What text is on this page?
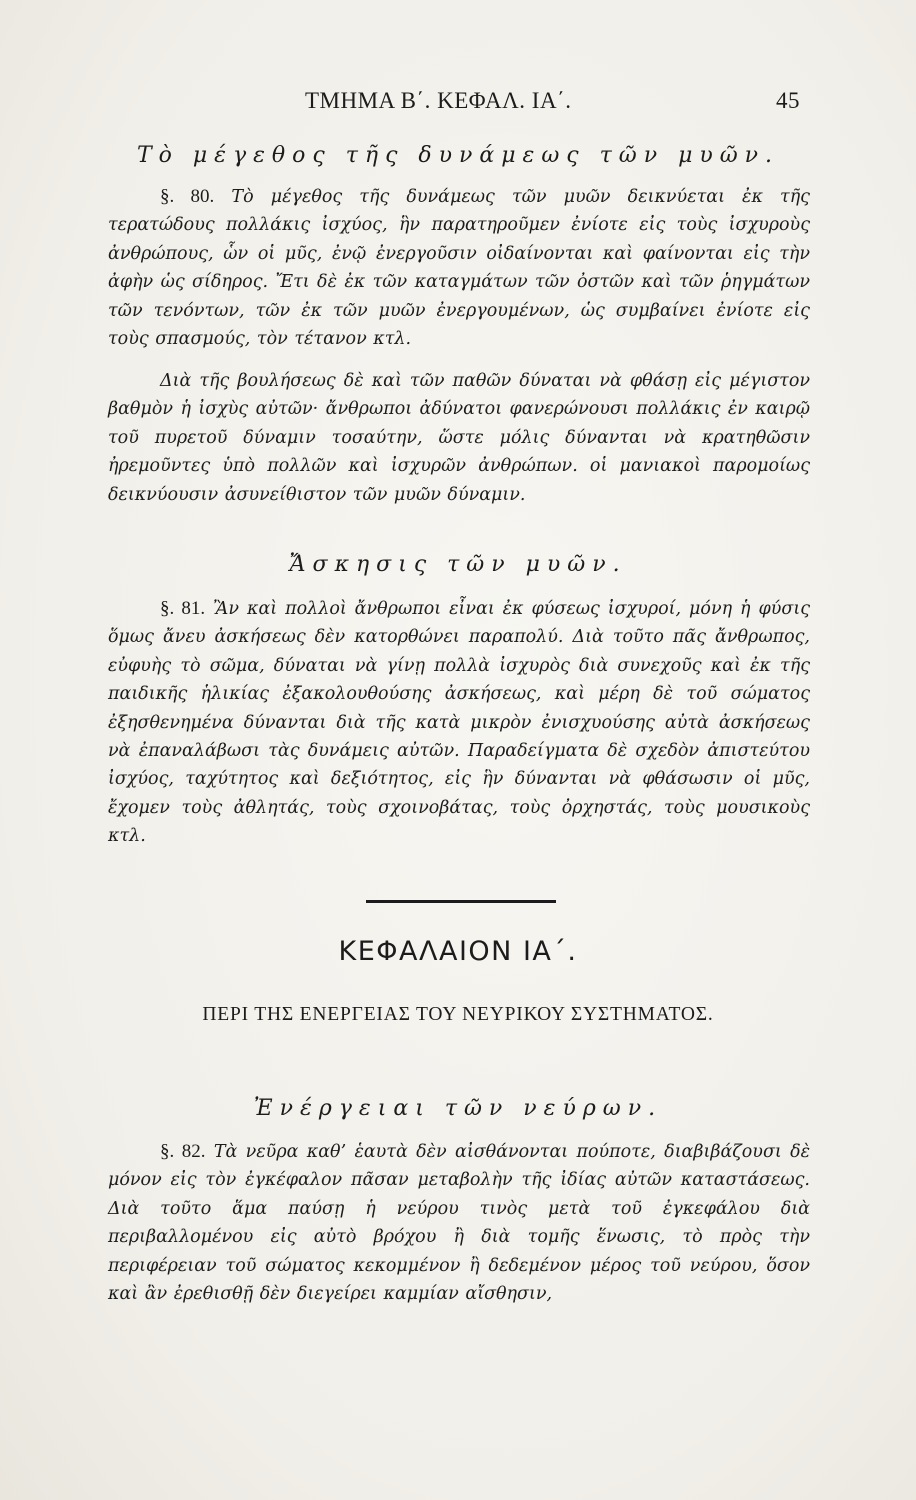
ΤΜΗΜΑ Β΄. ΚΕΦΑΛ. ΙΑ΄.	45
Τὸ μέγεθος τῆς δυνάμεως τῶν μυῶν.

§. 80. Τὸ μέγεθος τῆς δυνάμεως τῶν μυῶν δεικνύεται ἐκ τῆς τερατώδους πολλάκις ἰσχύος, ἣν παρατηροῦμεν ἐνίοτε εἰς τοὺς ἰσχυροὺς ἀνθρώπους, ὧν οἱ μῦς, ἐνῷ ἐνεργοῦσιν οἰδαίνονται καὶ φαίνονται εἰς τὴν ἀφὴν ὡς σίδηρος. Ἔτι δὲ ἐκ τῶν καταγμάτων τῶν ὀστῶν καὶ τῶν ῥηγμάτων τῶν τενόντων, τῶν ἐκ τῶν μυῶν ἐνεργουμένων, ὡς συμβαίνει ἐνίοτε εἰς τοὺς σπασμούς, τὸν τέτανον κτλ.

Διὰ τῆς βουλήσεως δὲ καὶ τῶν παθῶν δύναται νὰ φθάσῃ εἰς μέγιστον βαθμὸν ἡ ἰσχὺς αὐτῶν· ἄνθρωποι ἀδύνατοι φανερώνουσι πολλάκις ἐν καιρῷ τοῦ πυρετοῦ δύναμιν τοσαύτην, ὥστε μόλις δύνανται νὰ κρατηθῶσιν ἠρεμοῦντες ὑπὸ πολλῶν καὶ ἰσχυρῶν ἀνθρώπων. οἱ μανιακοὶ παρομοίως δεικνύουσιν ἀσυνείθιστον τῶν μυῶν δύναμιν.

Ἄσκησις τῶν μυῶν.

§. 81. Ἂν καὶ πολλοὶ ἄνθρωποι εἶναι ἐκ φύσεως ἰσχυροί, μόνη ἡ φύσις ὅμως ἄνευ ἀσκήσεως δὲν κατορθώνει παραπολύ. Διὰ τοῦτο πᾶς ἄνθρωπος, εὐφυὴς τὸ σῶμα, δύναται νὰ γίνῃ πολλὰ ἰσχυρὸς διὰ συνεχοῦς καὶ ἐκ τῆς παιδικῆς ἡλικίας ἐξακολουθούσης ἀσκήσεως, καὶ μέρη δὲ τοῦ σώματος ἐξησθενημένα δύνανται διὰ τῆς κατὰ μικρὸν ἐνισχυούσης αὐτὰ ἀσκήσεως νὰ ἐπαναλάβωσι τὰς δυνάμεις αὐτῶν. Παραδείγματα δὲ σχεδὸν ἀπιστεύτου ἰσχύος, ταχύτητος καὶ δεξιότητος, εἰς ἣν δύνανται νὰ φθάσωσιν οἱ μῦς, ἔχομεν τοὺς ἀθλητάς, τοὺς σχοινοβάτας, τοὺς ὀρχηστάς, τοὺς μουσικοὺς κτλ.

ΚΕΦΑΛΑΙΟΝ ΙΑ΄.
ΠΕΡΙ ΤΗΣ ΕΝΕΡΓΕΙΑΣ ΤΟΥ ΝΕΥΡΙΚΟΥ ΣΥΣΤΗΜΑΤΟΣ.
Ἐνέργειαι τῶν νεύρων.

§. 82. Τὰ νεῦρα καθ’ ἑαυτὰ δὲν αἰσθάνονται πούποτε, διαβιβάζουσι δὲ μόνον εἰς τὸν ἐγκέφαλον πᾶσαν μεταβολὴν τῆς ἰδίας αὐτῶν καταστάσεως. Διὰ τοῦτο ἅμα παύσῃ ἡ νεύρου τινὸς μετὰ τοῦ ἐγκεφάλου διὰ περιβαλλομένου εἰς αὐτὸ βρόχου ἢ διὰ τομῆς ἕνωσις, τὸ πρὸς τὴν περιφέρειαν τοῦ σώματος κεκομμένον ἢ δεδεμένον μέρος τοῦ νεύρου, ὅσον καὶ ἂν ἐρεθισθῇ δὲν διεγείρει καμμίαν αἴσθησιν,
